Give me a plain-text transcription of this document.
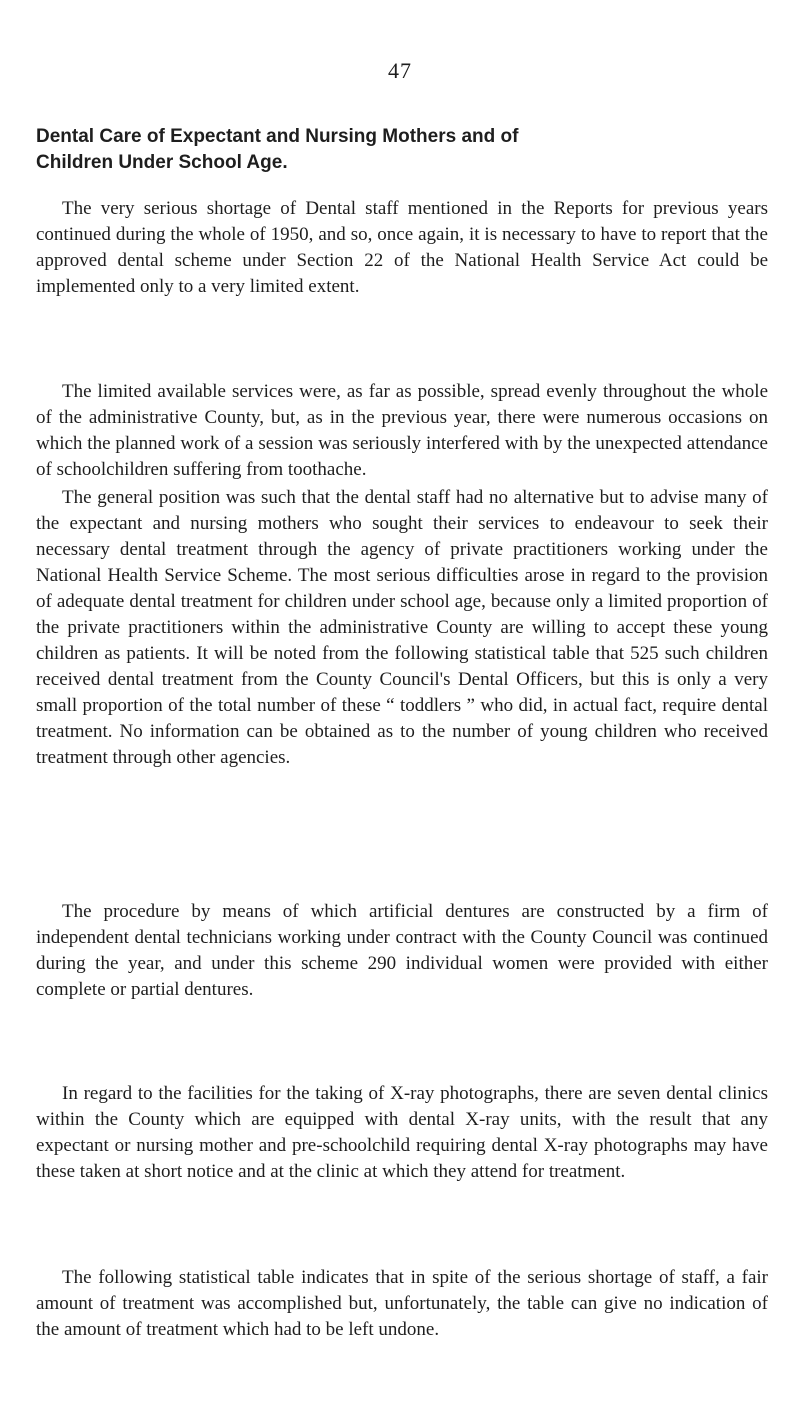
47
Dental Care of Expectant and Nursing Mothers and of
Children Under School Age.

The very serious shortage of Dental staff mentioned in the Reports for previous years continued during the whole of 1950, and so, once again, it is necessary to have to report that the approved dental scheme under Section 22 of the National Health Service Act could be implemented only to a very limited extent.

The limited available services were, as far as possible, spread evenly throughout the whole of the administrative County, but, as in the previous year, there were numerous occasions on which the planned work of a session was seriously interfered with by the unexpected attendance of schoolchildren suffering from toothache.

The general position was such that the dental staff had no alternative but to advise many of the expectant and nursing mothers who sought their services to endeavour to seek their necessary dental treatment through the agency of private practitioners working under the National Health Service Scheme. The most serious difficulties arose in regard to the provision of adequate dental treatment for children under school age, because only a limited proportion of the private practitioners within the administrative County are willing to accept these young children as patients. It will be noted from the following statistical table that 525 such children received dental treatment from the County Council's Dental Officers, but this is only a very small proportion of the total number of these “ toddlers ” who did, in actual fact, require dental treatment. No information can be obtained as to the number of young children who received treatment through other agencies.

The procedure by means of which artificial dentures are constructed by a firm of independent dental technicians working under contract with the County Council was continued during the year, and under this scheme 290 individual women were provided with either complete or partial dentures.

In regard to the facilities for the taking of X-ray photographs, there are seven dental clinics within the County which are equipped with dental X-ray units, with the result that any expectant or nursing mother and pre-schoolchild requiring dental X-ray photographs may have these taken at short notice and at the clinic at which they attend for treatment.

The following statistical table indicates that in spite of the serious shortage of staff, a fair amount of treatment was accomplished but, unfortunately, the table can give no indication of the amount of treatment which had to be left undone.
